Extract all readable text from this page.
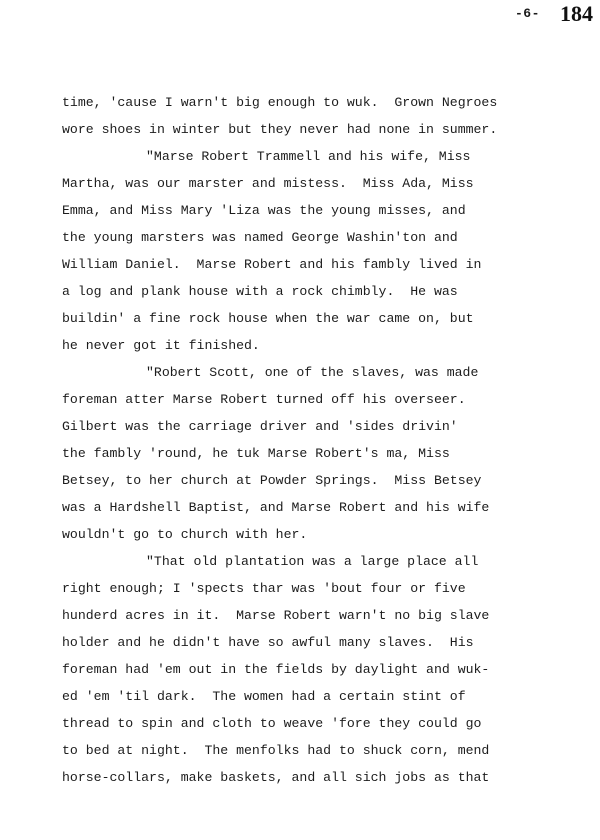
-6- 184
time, 'cause I warn't big enough to wuk.  Grown Negroes
wore shoes in winter but they never had none in summer.
"Marse Robert Trammell and his wife, Miss
Martha, was our marster and mistess.  Miss Ada, Miss
Emma, and Miss Mary 'Liza was the young misses, and
the young marsters was named George Washin'ton and
William Daniel.  Marse Robert and his fambly lived in
a log and plank house with a rock chimbly.  He was
buildin' a fine rock house when the war came on, but
he never got it finished.
"Robert Scott, one of the slaves, was made
foreman atter Marse Robert turned off his overseer.
Gilbert was the carriage driver and 'sides drivin'
the fambly 'round, he tuk Marse Robert's ma, Miss
Betsey, to her church at Powder Springs.  Miss Betsey
was a Hardshell Baptist, and Marse Robert and his wife
wouldn't go to church with her.
"That old plantation was a large place all
right enough; I 'spects thar was 'bout four or five
hunderd acres in it.  Marse Robert warn't no big slave
holder and he didn't have so awful many slaves.  His
foreman had 'em out in the fields by daylight and wuk-
ed 'em 'til dark.  The women had a certain stint of
thread to spin and cloth to weave 'fore they could go
to bed at night.  The menfolks had to shuck corn, mend
horse-collars, make baskets, and all sich jobs as that
